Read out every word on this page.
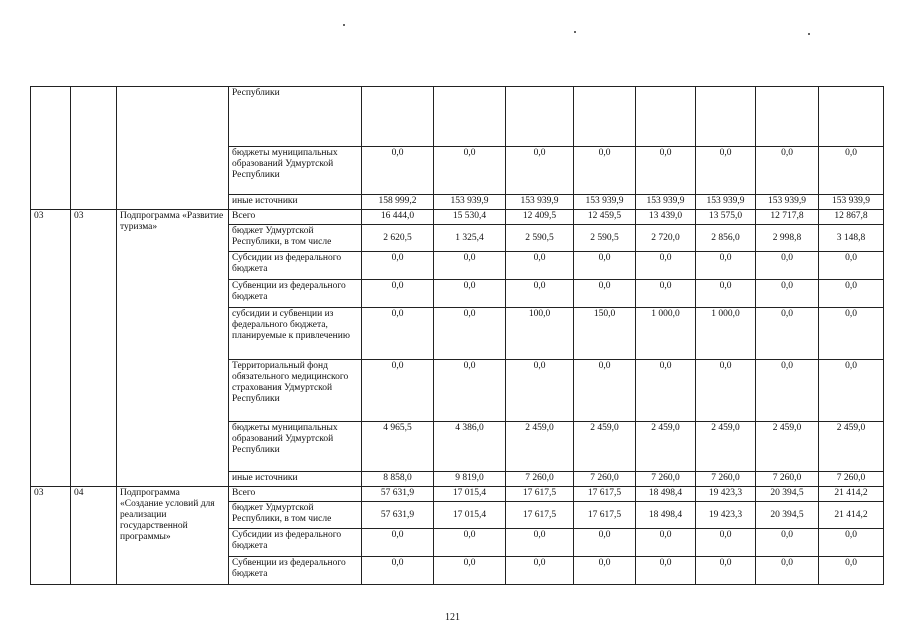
			Республики								
			бюджеты муниципальных образований Удмуртской Республики	0,0	0,0	0,0	0,0	0,0	0,0	0,0	0,0
			иные источники	158 999,2	153 939,9	153 939,9	153 939,9	153 939,9	153 939,9	153 939,9	153 939,9
03	03	Подпрограмма «Развитие туризма»	Всего	16 444,0	15 530,4	12 409,5	12 459,5	13 439,0	13 575,0	12 717,8	12 867,8
			бюджет Удмуртской Республики, в том числе	2 620,5	1 325,4	2 590,5	2 590,5	2 720,0	2 856,0	2 998,8	3 148,8
			Субсидии из федерального бюджета	0,0	0,0	0,0	0,0	0,0	0,0	0,0	0,0
			Субвенции из федерального бюджета	0,0	0,0	0,0	0,0	0,0	0,0	0,0	0,0
			субсидии и субвенции из федерального бюджета, планируемые к привлечению	0,0	0,0	100,0	150,0	1 000,0	1 000,0	0,0	0,0
			Территориальный фонд обязательного медицинского страхования Удмуртской Республики	0,0	0,0	0,0	0,0	0,0	0,0	0,0	0,0
			бюджеты муниципальных образований Удмуртской Республики	4 965,5	4 386,0	2 459,0	2 459,0	2 459,0	2 459,0	2 459,0	2 459,0
			иные источники	8 858,0	9 819,0	7 260,0	7 260,0	7 260,0	7 260,0	7 260,0	7 260,0
03	04	Подпрограмма «Создание условий для реализации государственной программы»	Всего	57 631,9	17 015,4	17 617,5	17 617,5	18 498,4	19 423,3	20 394,5	21 414,2
			бюджет Удмуртской Республики, в том числе	57 631,9	17 015,4	17 617,5	17 617,5	18 498,4	19 423,3	20 394,5	21 414,2
			Субсидии из федерального бюджета	0,0	0,0	0,0	0,0	0,0	0,0	0,0	0,0
			Субвенции из федерального бюджета	0,0	0,0	0,0	0,0	0,0	0,0	0,0	0,0
121
